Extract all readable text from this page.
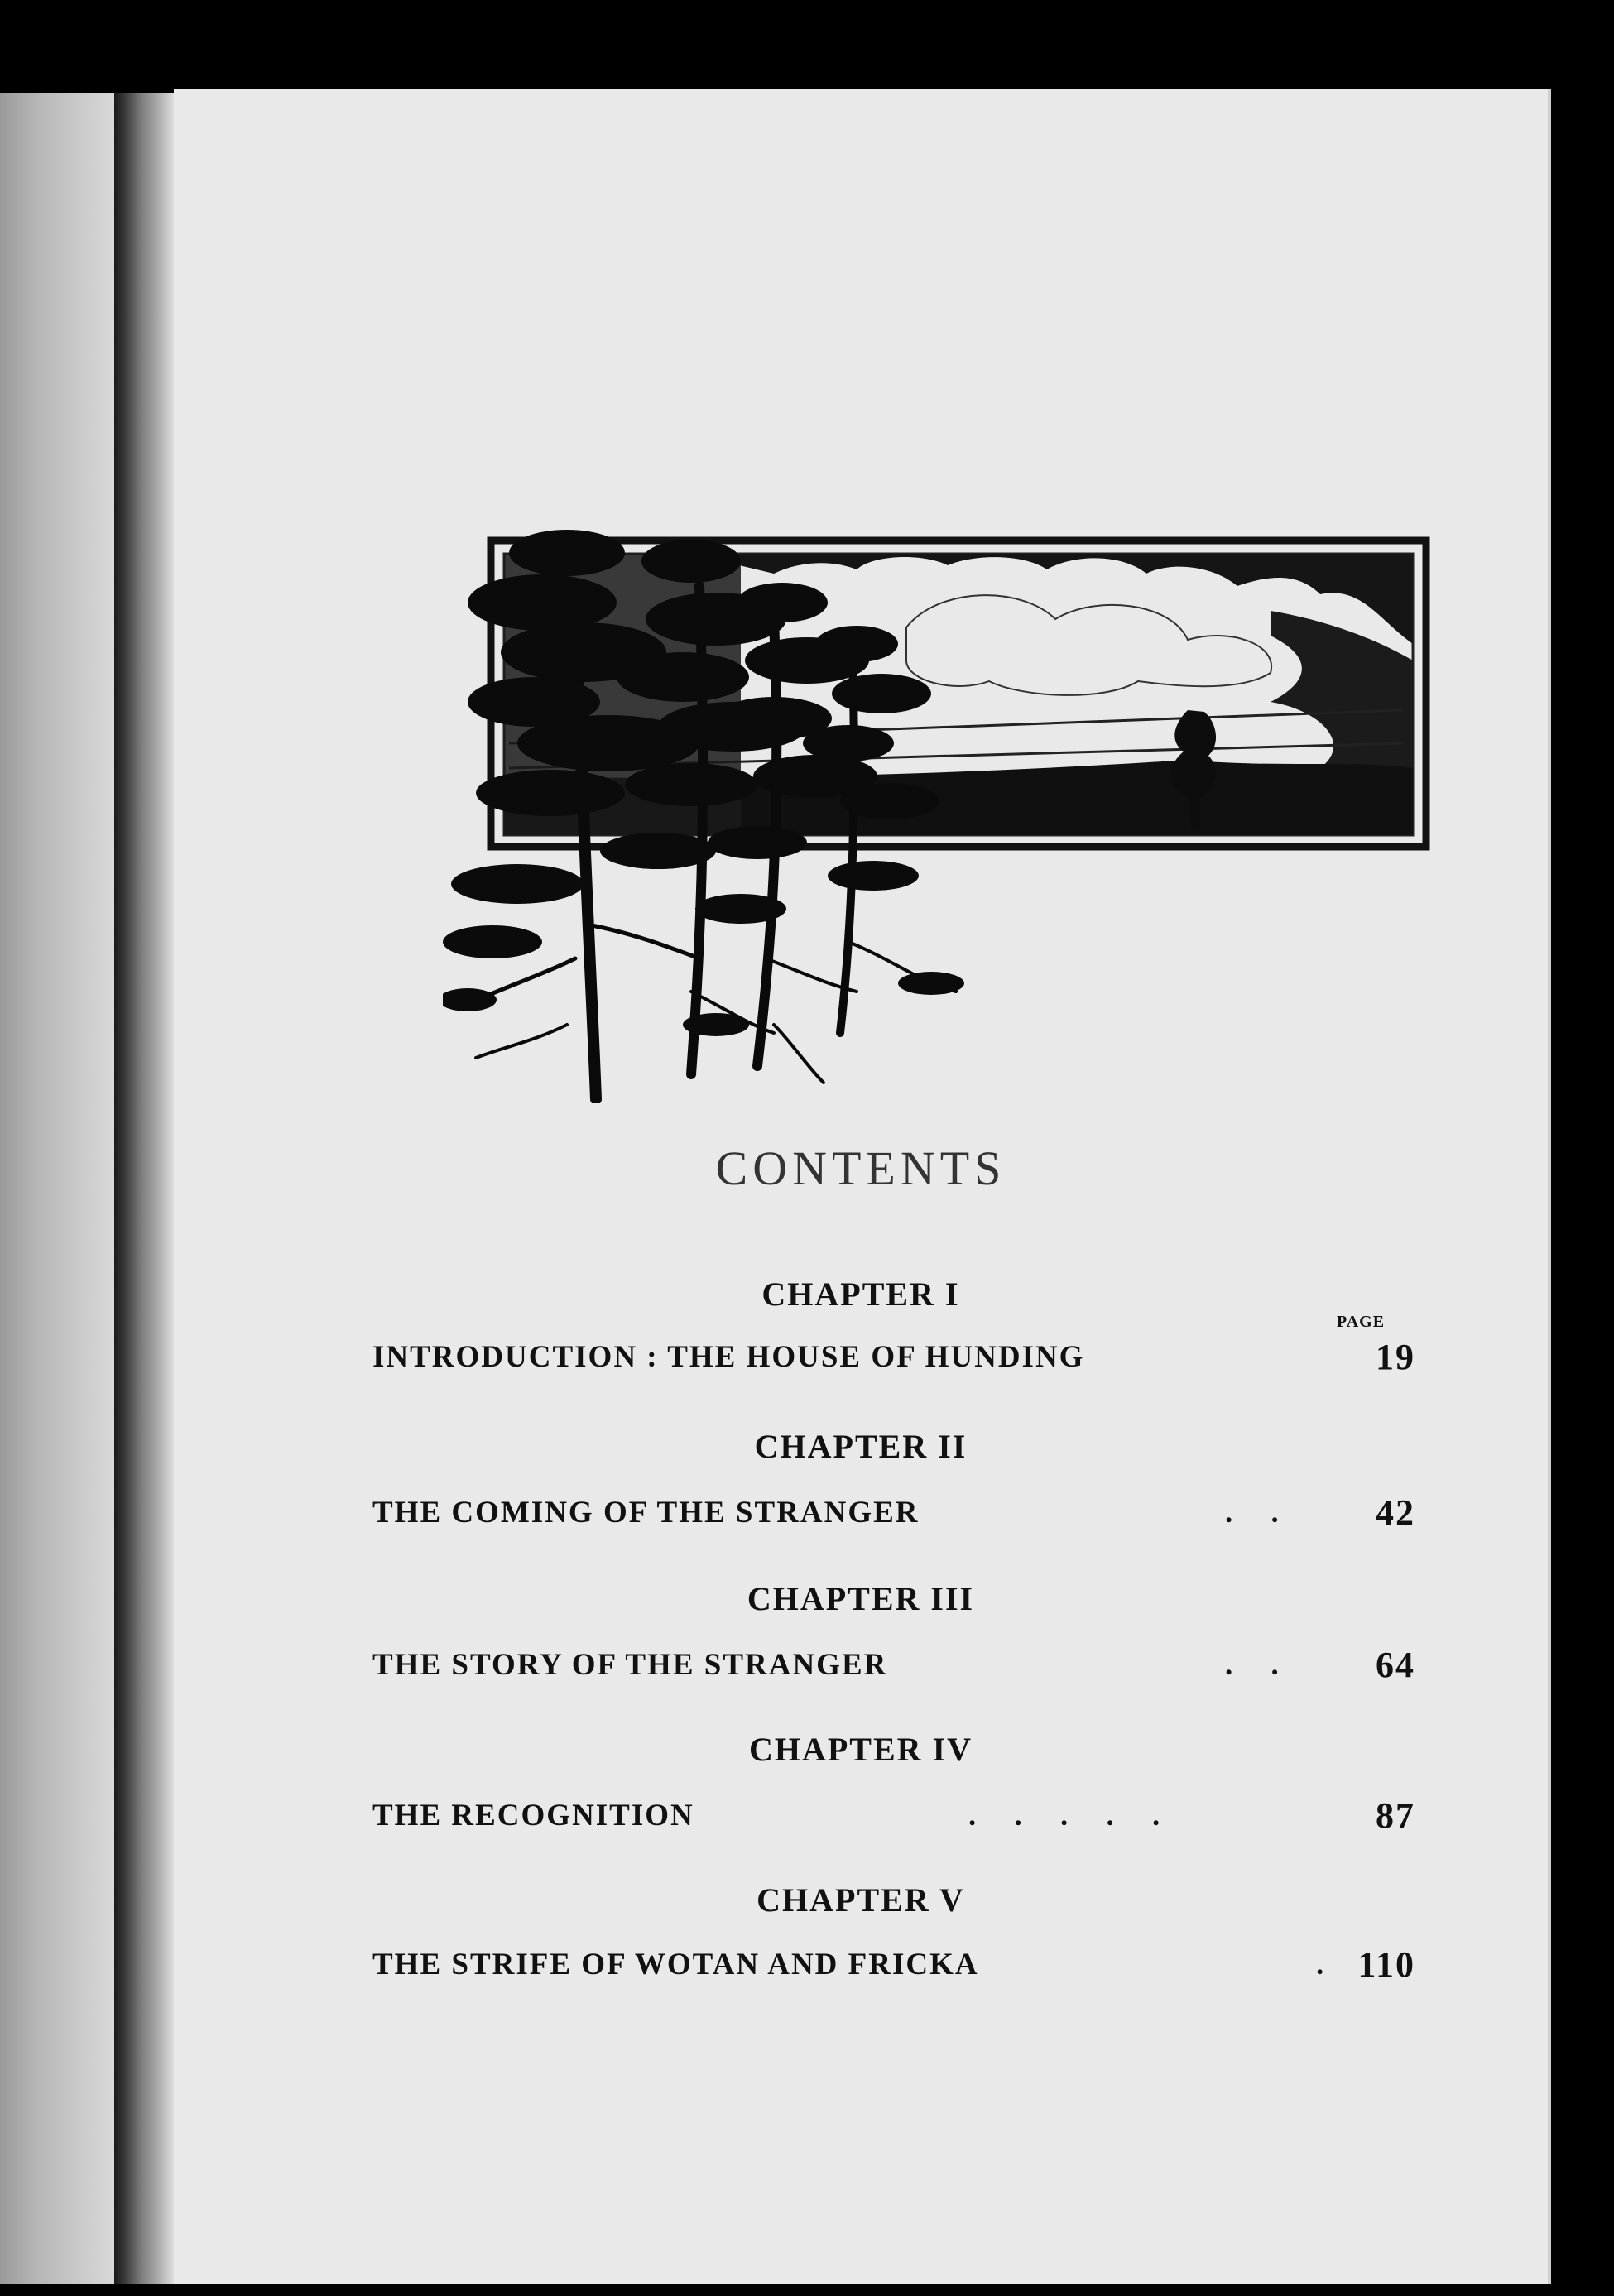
CONTENTS
PAGE
CHAPTER I
INTRODUCTION : THE HOUSE OF HUNDING	19
CHAPTER II
THE COMING OF THE STRANGER	.     .	42
CHAPTER III
THE STORY OF THE STRANGER	.     .	64
CHAPTER IV
THE RECOGNITION	.     .     .     .     .	87
CHAPTER V
THE STRIFE OF WOTAN AND FRICKA	. 110
